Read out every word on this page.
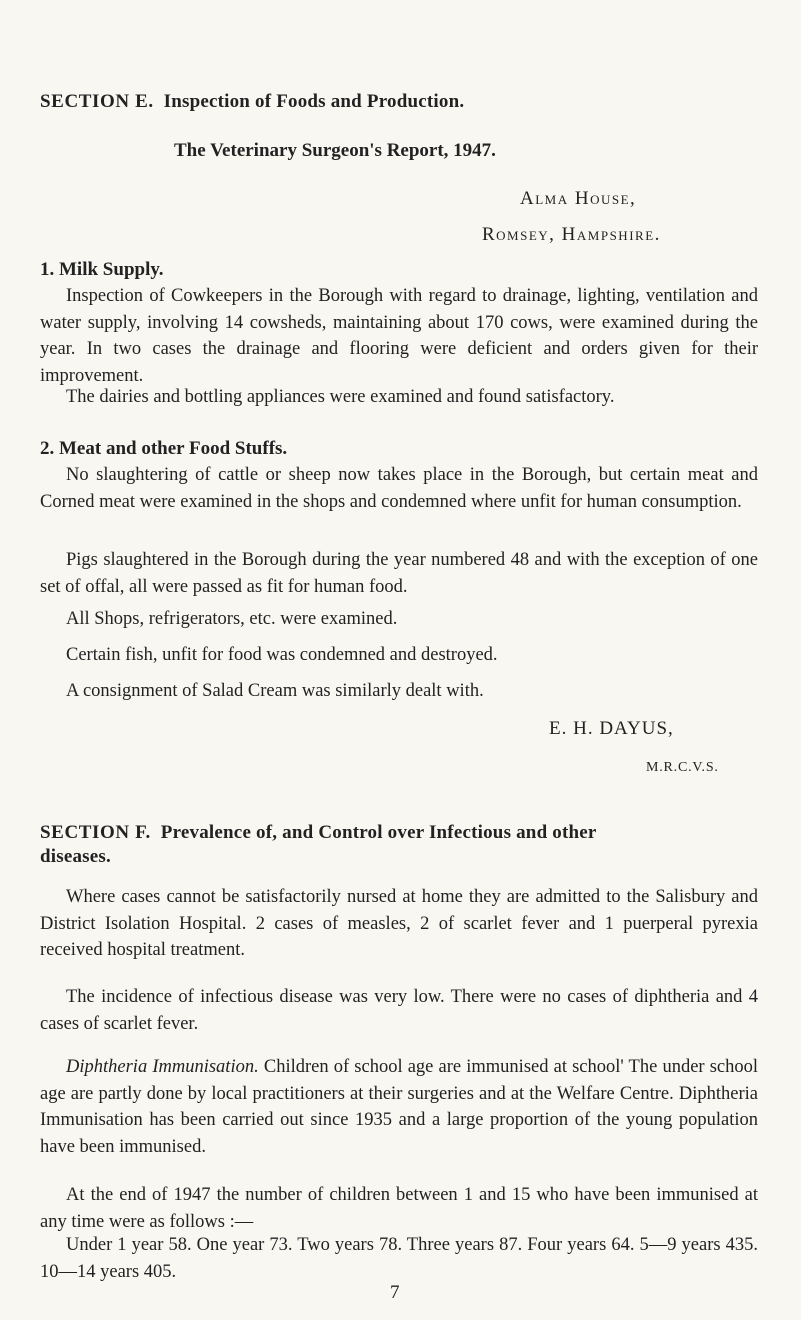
SECTION E. Inspection of Foods and Production.
The Veterinary Surgeon's Report, 1947.
Alma House,
Romsey, Hampshire.
1. Milk Supply.

Inspection of Cowkeepers in the Borough with regard to drainage, lighting, ventilation and water supply, involving 14 cowsheds, maintaining about 170 cows, were examined during the year. In two cases the drainage and flooring were deficient and orders given for their improvement.

The dairies and bottling appliances were examined and found satisfactory.

2. Meat and other Food Stuffs.

No slaughtering of cattle or sheep now takes place in the Borough, but certain meat and Corned meat were examined in the shops and condemned where unfit for human consumption.

Pigs slaughtered in the Borough during the year numbered 48 and with the exception of one set of offal, all were passed as fit for human food.

All Shops, refrigerators, etc. were examined.

Certain fish, unfit for food was condemned and destroyed.

A consignment of Salad Cream was similarly dealt with.

E. H. DAYUS,
M.R.C.V.S.
SECTION F. Prevalence of, and Control over Infectious and other
diseases.

Where cases cannot be satisfactorily nursed at home they are admitted to the Salisbury and District Isolation Hospital. 2 cases of measles, 2 of scarlet fever and 1 puerperal pyrexia received hospital treatment.

The incidence of infectious disease was very low. There were no cases of diphtheria and 4 cases of scarlet fever.

Diphtheria Immunisation. Children of school age are immunised at school' The under school age are partly done by local practitioners at their surgeries and at the Welfare Centre. Diphtheria Immunisation has been carried out since 1935 and a large proportion of the young population have been immunised.

At the end of 1947 the number of children between 1 and 15 who have been immunised at any time were as follows :—

Under 1 year 58. One year 73. Two years 78. Three years 87. Four years 64. 5—9 years 435. 10—14 years 405.

7
